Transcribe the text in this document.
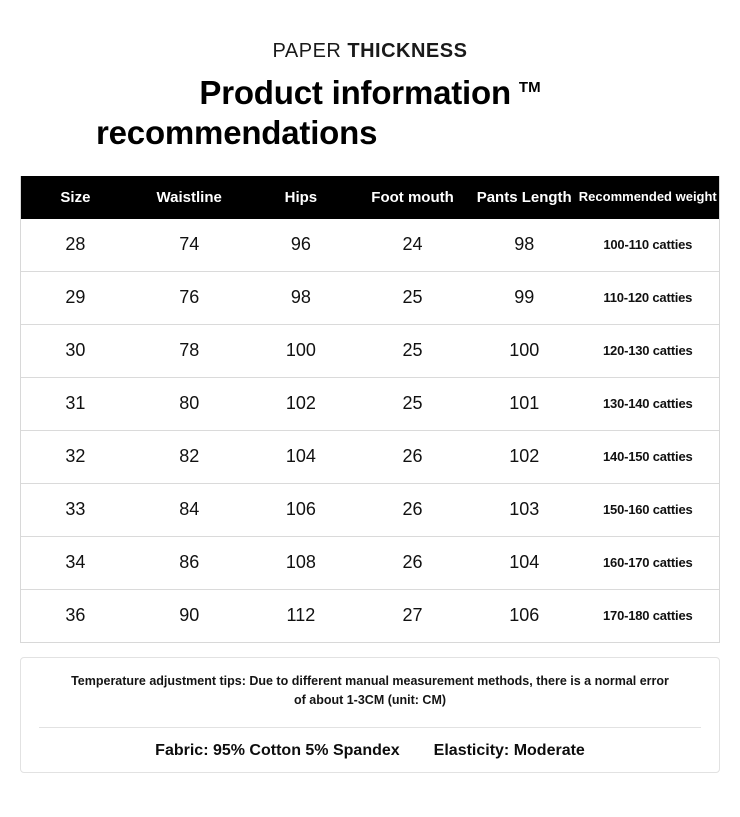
PAPER THICKNESS
Product information ™
recommendations
Size	Waistline	Hips	Foot mouth	Pants Length	Recommended weight
28	74	96	24	98	100-110 catties
29	76	98	25	99	110-120 catties
30	78	100	25	100	120-130 catties
31	80	102	25	101	130-140 catties
32	82	104	26	102	140-150 catties
33	84	106	26	103	150-160 catties
34	86	108	26	104	160-170 catties
36	90	112	27	106	170-180 catties
Temperature adjustment tips: Due to different manual measurement methods, there is a normal error of about 1-3CM (unit: CM)
Fabric: 95% Cotton 5% Spandex Elasticity: Moderate
